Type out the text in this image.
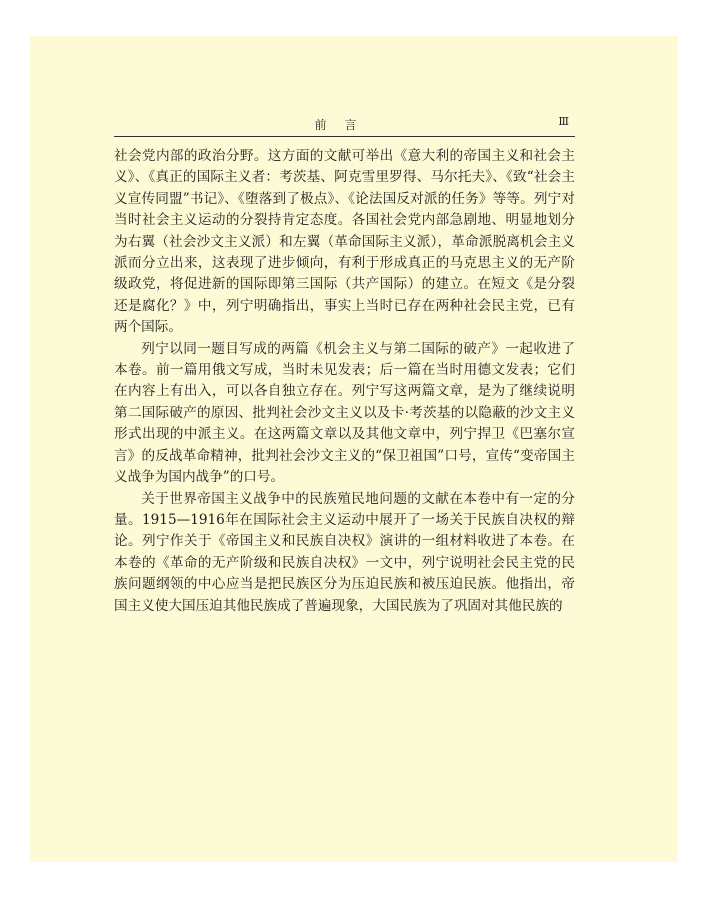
前言	Ⅲ

社会党内部的政治分野。这方面的文献可举出《意大利的帝国主义和社会主义》、《真正的国际主义者：考茨基、阿克雪里罗得、马尔托夫》、《致“社会主义宣传同盟”书记》、《堕落到了极点》、《论法国反对派的任务》等等。列宁对当时社会主义运动的分裂持肯定态度。各国社会党内部急剧地、明显地划分为右翼（社会沙文主义派）和左翼（革命国际主义派），革命派脱离机会主义派而分立出来，这表现了进步倾向，有利于形成真正的马克思主义的无产阶级政党，将促进新的国际即第三国际（共产国际）的建立。在短文《是分裂还是腐化？》中，列宁明确指出，事实上当时已存在两种社会民主党，已有两个国际。

列宁以同一题目写成的两篇《机会主义与第二国际的破产》一起收进了本卷。前一篇用俄文写成，当时未见发表；后一篇在当时用德文发表；它们在内容上有出入，可以各自独立存在。列宁写这两篇文章，是为了继续说明第二国际破产的原因、批判社会沙文主义以及卡·考茨基的以隐蔽的沙文主义形式出现的中派主义。在这两篇文章以及其他文章中，列宁捍卫《巴塞尔宣言》的反战革命精神，批判社会沙文主义的“保卫祖国”口号，宣传“变帝国主义战争为国内战争”的口号。

关于世界帝国主义战争中的民族殖民地问题的文献在本卷中有一定的分量。1915—1916年在国际社会主义运动中展开了一场关于民族自决权的辩论。列宁作关于《帝国主义和民族自决权》演讲的一组材料收进了本卷。在本卷的《革命的无产阶级和民族自决权》一文中，列宁说明社会民主党的民族问题纲领的中心应当是把民族区分为压迫民族和被压迫民族。他指出，帝国主义使大国压迫其他民族成了普遍现象，大国民族为了巩固对其他民族的
